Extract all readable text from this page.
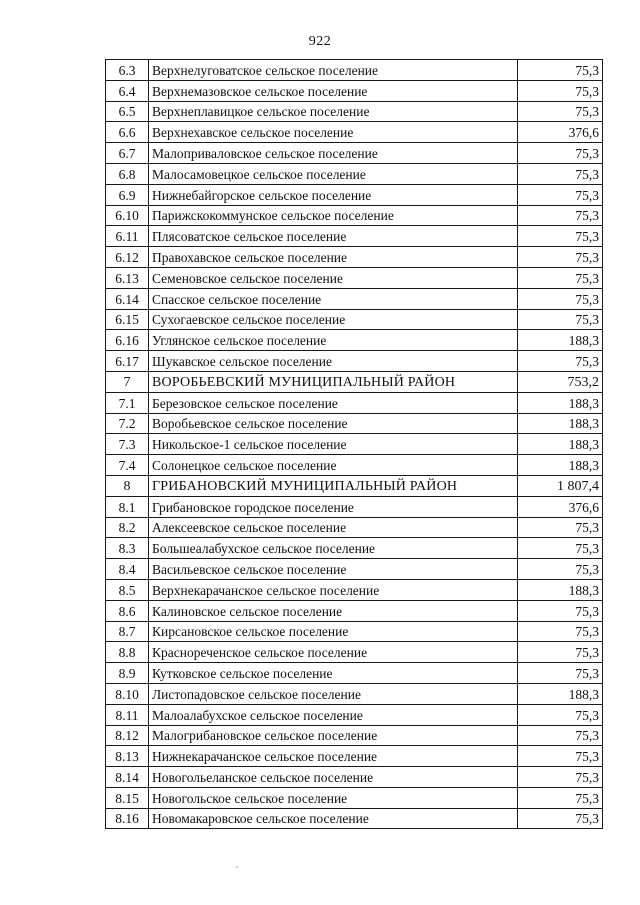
922
6.3	Верхнелуговатское сельское поселение	75,3
6.4	Верхнемазовское сельское поселение	75,3
6.5	Верхнеплавицкое сельское поселение	75,3
6.6	Верхнехавское сельское поселение	376,6
6.7	Малоприваловское сельское поселение	75,3
6.8	Малосамовецкое сельское поселение	75,3
6.9	Нижнебайгорское сельское поселение	75,3
6.10	Парижскокоммунское сельское поселение	75,3
6.11	Плясоватское сельское поселение	75,3
6.12	Правохавское сельское поселение	75,3
6.13	Семеновское сельское поселение	75,3
6.14	Спасское сельское поселение	75,3
6.15	Сухогаевское сельское поселение	75,3
6.16	Углянское сельское поселение	188,3
6.17	Шукавское сельское поселение	75,3
7	ВОРОБЬЕВСКИЙ МУНИЦИПАЛЬНЫЙ РАЙОН	753,2
7.1	Березовское сельское поселение	188,3
7.2	Воробьевское сельское поселение	188,3
7.3	Никольское-1 сельское поселение	188,3
7.4	Солонецкое сельское поселение	188,3
8	ГРИБАНОВСКИЙ МУНИЦИПАЛЬНЫЙ РАЙОН	1 807,4
8.1	Грибановское городское поселение	376,6
8.2	Алексеевское сельское поселение	75,3
8.3	Большеалабухское сельское поселение	75,3
8.4	Васильевское сельское поселение	75,3
8.5	Верхнекарачанское сельское поселение	188,3
8.6	Калиновское сельское поселение	75,3
8.7	Кирсановское сельское поселение	75,3
8.8	Краснореченское сельское поселение	75,3
8.9	Кутковское сельское поселение	75,3
8.10	Листопадовское сельское поселение	188,3
8.11	Малоалабухское сельское поселение	75,3
8.12	Малогрибановское сельское поселение	75,3
8.13	Нижнекарачанское сельское поселение	75,3
8.14	Новогольеланское сельское поселение	75,3
8.15	Новогольское сельское поселение	75,3
8.16	Новомакаровское сельское поселение	75,3
